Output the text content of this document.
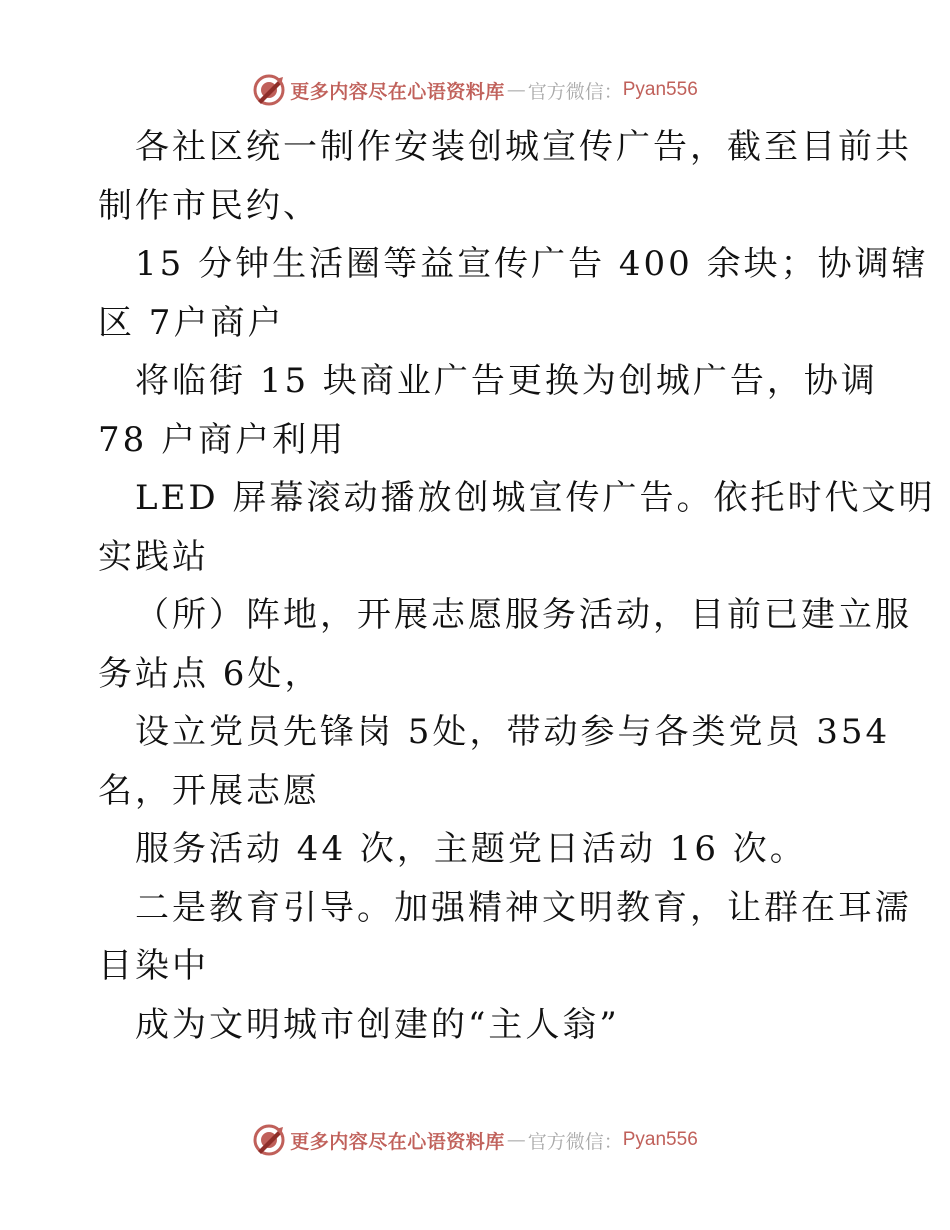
更多内容尽在心语资料库 — 官方微信： Pyan556
各社区统一制作安装创城宣传广告，截至目前共
制作市民约、
15 分钟生活圈等益宣传广告 400 余块；协调辖
区 7户商户
将临街 15 块商业广告更换为创城广告，协调
78 户商户利用
LED 屏幕滚动播放创城宣传广告。依托时代文明
实践站
（所）阵地，开展志愿服务活动，目前已建立服
务站点 6处，
设立党员先锋岗 5处，带动参与各类党员 354
名，开展志愿
服务活动 44 次，主题党日活动 16 次。
二是教育引导。加强精神文明教育，让群在耳濡
目染中
成为文明城市创建的“主人翁”
更多内容尽在心语资料库 — 官方微信： Pyan556
